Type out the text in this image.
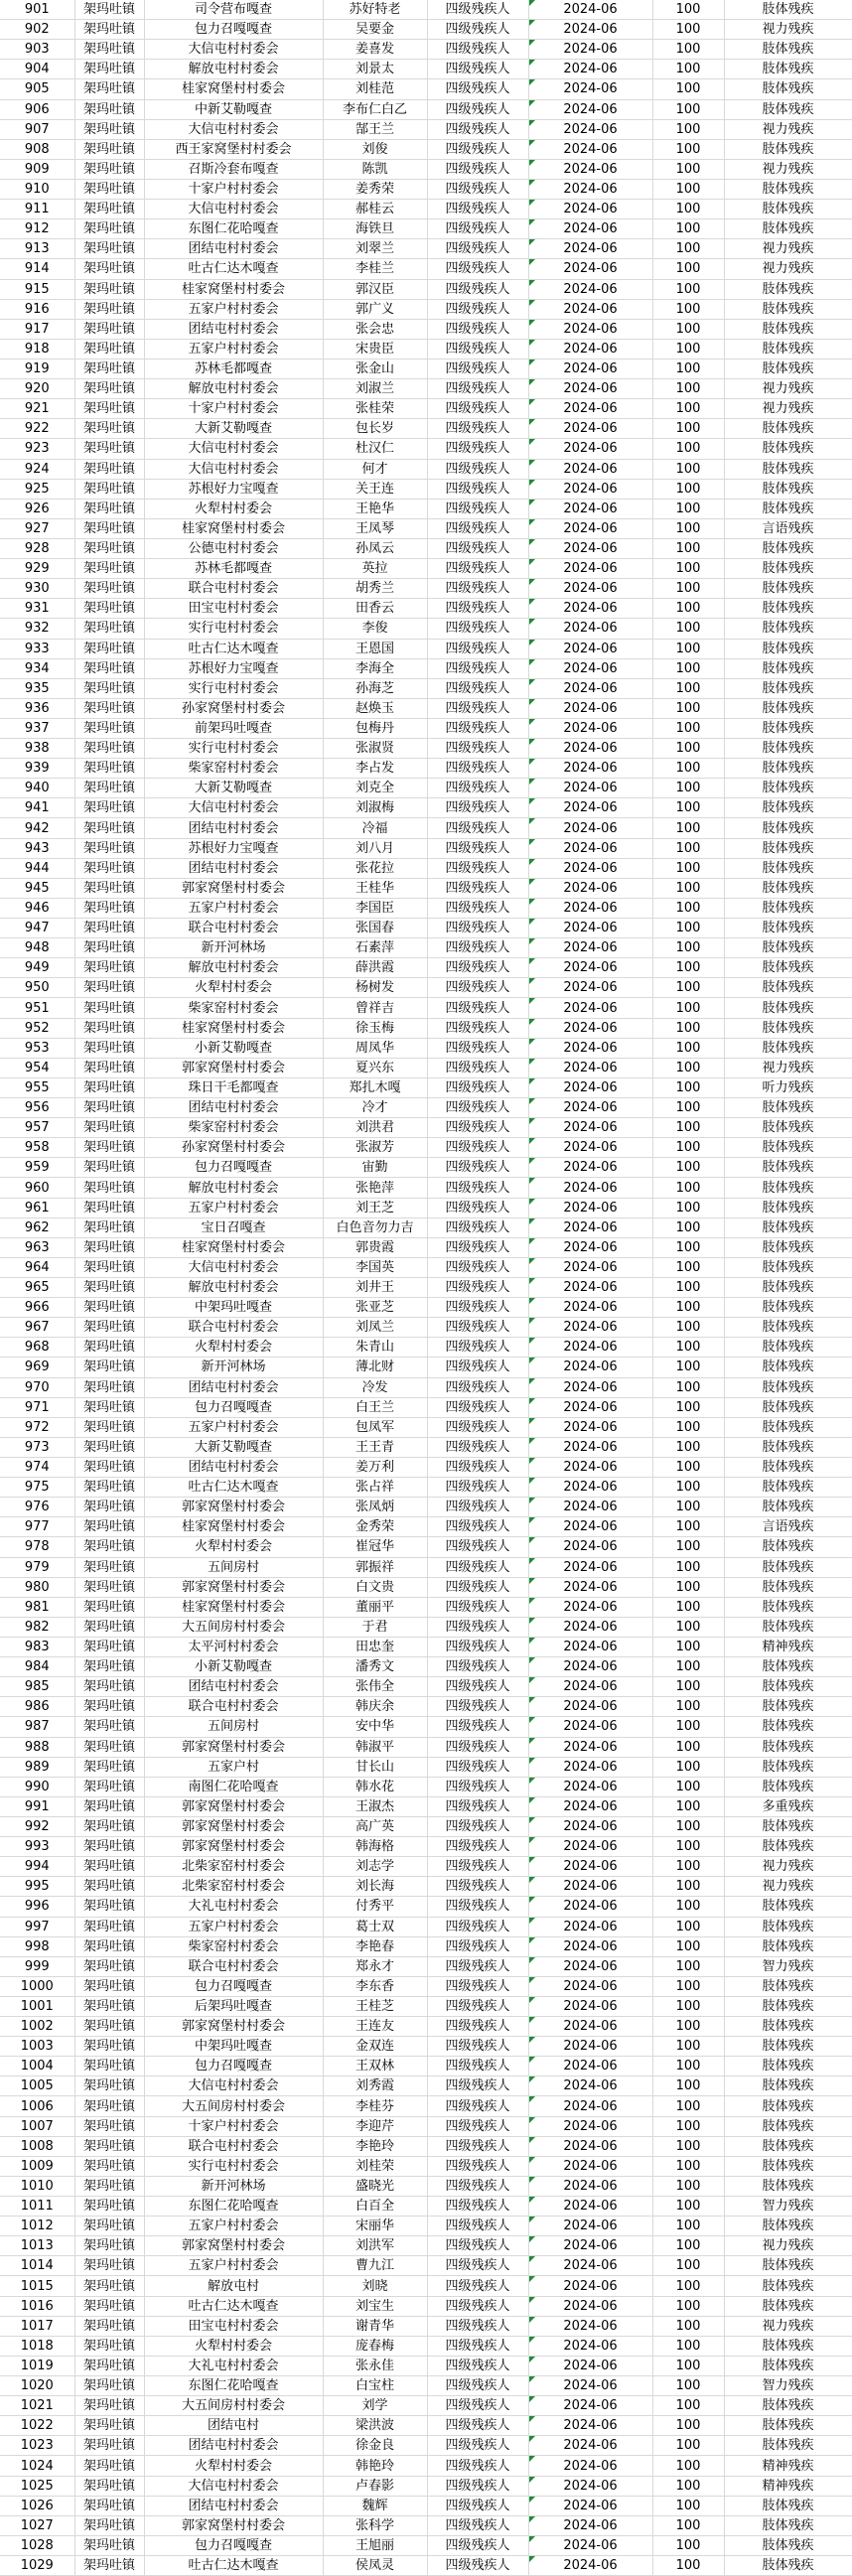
901	架玛吐镇	司令营布嘎查	苏好特老	四级残疾人	2024-06	100	肢体残疾
902	架玛吐镇	包力召嘎嘎查	吴要金	四级残疾人	2024-06	100	视力残疾
903	架玛吐镇	大信屯村村委会	姜喜发	四级残疾人	2024-06	100	肢体残疾
904	架玛吐镇	解放屯村村委会	刘景太	四级残疾人	2024-06	100	肢体残疾
905	架玛吐镇	桂家窝堡村村委会	刘桂范	四级残疾人	2024-06	100	肢体残疾
906	架玛吐镇	中新艾勒嘎查	李布仁白乙	四级残疾人	2024-06	100	肢体残疾
907	架玛吐镇	大信屯村村委会	郜王兰	四级残疾人	2024-06	100	视力残疾
908	架玛吐镇	西王家窝堡村村委会	刘俊	四级残疾人	2024-06	100	肢体残疾
909	架玛吐镇	召斯冷套布嘎查	陈凯	四级残疾人	2024-06	100	视力残疾
910	架玛吐镇	十家户村村委会	姜秀荣	四级残疾人	2024-06	100	肢体残疾
911	架玛吐镇	大信屯村村委会	郝桂云	四级残疾人	2024-06	100	肢体残疾
912	架玛吐镇	东图仁花哈嘎查	海铁旦	四级残疾人	2024-06	100	肢体残疾
913	架玛吐镇	团结屯村村委会	刘翠兰	四级残疾人	2024-06	100	视力残疾
914	架玛吐镇	吐古仁达木嘎查	李桂兰	四级残疾人	2024-06	100	视力残疾
915	架玛吐镇	桂家窝堡村村委会	郭汉臣	四级残疾人	2024-06	100	肢体残疾
916	架玛吐镇	五家户村村委会	郭广义	四级残疾人	2024-06	100	肢体残疾
917	架玛吐镇	团结屯村村委会	张会忠	四级残疾人	2024-06	100	肢体残疾
918	架玛吐镇	五家户村村委会	宋贵臣	四级残疾人	2024-06	100	肢体残疾
919	架玛吐镇	苏林毛都嘎查	张金山	四级残疾人	2024-06	100	肢体残疾
920	架玛吐镇	解放屯村村委会	刘淑兰	四级残疾人	2024-06	100	视力残疾
921	架玛吐镇	十家户村村委会	张桂荣	四级残疾人	2024-06	100	视力残疾
922	架玛吐镇	大新艾勒嘎查	包长岁	四级残疾人	2024-06	100	肢体残疾
923	架玛吐镇	大信屯村村委会	杜汉仁	四级残疾人	2024-06	100	肢体残疾
924	架玛吐镇	大信屯村村委会	何才	四级残疾人	2024-06	100	肢体残疾
925	架玛吐镇	苏根好力宝嘎查	关王连	四级残疾人	2024-06	100	肢体残疾
926	架玛吐镇	火犁村村委会	王艳华	四级残疾人	2024-06	100	肢体残疾
927	架玛吐镇	桂家窝堡村村委会	王凤琴	四级残疾人	2024-06	100	言语残疾
928	架玛吐镇	公德屯村村委会	孙凤云	四级残疾人	2024-06	100	肢体残疾
929	架玛吐镇	苏林毛都嘎查	英拉	四级残疾人	2024-06	100	肢体残疾
930	架玛吐镇	联合屯村村委会	胡秀兰	四级残疾人	2024-06	100	肢体残疾
931	架玛吐镇	田宝屯村村委会	田香云	四级残疾人	2024-06	100	肢体残疾
932	架玛吐镇	实行屯村村委会	李俊	四级残疾人	2024-06	100	肢体残疾
933	架玛吐镇	吐古仁达木嘎查	王恩国	四级残疾人	2024-06	100	肢体残疾
934	架玛吐镇	苏根好力宝嘎查	李海全	四级残疾人	2024-06	100	肢体残疾
935	架玛吐镇	实行屯村村委会	孙海芝	四级残疾人	2024-06	100	肢体残疾
936	架玛吐镇	孙家窝堡村村委会	赵焕玉	四级残疾人	2024-06	100	肢体残疾
937	架玛吐镇	前架玛吐嘎查	包梅丹	四级残疾人	2024-06	100	肢体残疾
938	架玛吐镇	实行屯村村委会	张淑贤	四级残疾人	2024-06	100	肢体残疾
939	架玛吐镇	柴家窑村村委会	李占发	四级残疾人	2024-06	100	肢体残疾
940	架玛吐镇	大新艾勒嘎查	刘克全	四级残疾人	2024-06	100	肢体残疾
941	架玛吐镇	大信屯村村委会	刘淑梅	四级残疾人	2024-06	100	肢体残疾
942	架玛吐镇	团结屯村村委会	冷福	四级残疾人	2024-06	100	肢体残疾
943	架玛吐镇	苏根好力宝嘎查	刘八月	四级残疾人	2024-06	100	肢体残疾
944	架玛吐镇	团结屯村村委会	张花拉	四级残疾人	2024-06	100	肢体残疾
945	架玛吐镇	郭家窝堡村村委会	王桂华	四级残疾人	2024-06	100	肢体残疾
946	架玛吐镇	五家户村村委会	李国臣	四级残疾人	2024-06	100	肢体残疾
947	架玛吐镇	联合屯村村委会	张国春	四级残疾人	2024-06	100	肢体残疾
948	架玛吐镇	新开河林场	石素萍	四级残疾人	2024-06	100	肢体残疾
949	架玛吐镇	解放屯村村委会	薛洪霞	四级残疾人	2024-06	100	肢体残疾
950	架玛吐镇	火犁村村委会	杨树发	四级残疾人	2024-06	100	肢体残疾
951	架玛吐镇	柴家窑村村委会	曾祥吉	四级残疾人	2024-06	100	肢体残疾
952	架玛吐镇	桂家窝堡村村委会	徐玉梅	四级残疾人	2024-06	100	肢体残疾
953	架玛吐镇	小新艾勒嘎查	周凤华	四级残疾人	2024-06	100	肢体残疾
954	架玛吐镇	郭家窝堡村村委会	夏兴东	四级残疾人	2024-06	100	视力残疾
955	架玛吐镇	珠日干毛都嘎查	郑扎木嘎	四级残疾人	2024-06	100	听力残疾
956	架玛吐镇	团结屯村村委会	冷才	四级残疾人	2024-06	100	肢体残疾
957	架玛吐镇	柴家窑村村委会	刘洪君	四级残疾人	2024-06	100	肢体残疾
958	架玛吐镇	孙家窝堡村村委会	张淑芳	四级残疾人	2024-06	100	肢体残疾
959	架玛吐镇	包力召嘎嘎查	宙勤	四级残疾人	2024-06	100	肢体残疾
960	架玛吐镇	解放屯村村委会	张艳萍	四级残疾人	2024-06	100	肢体残疾
961	架玛吐镇	五家户村村委会	刘王芝	四级残疾人	2024-06	100	肢体残疾
962	架玛吐镇	宝日召嘎查	白色音勿力吉	四级残疾人	2024-06	100	肢体残疾
963	架玛吐镇	桂家窝堡村村委会	郭贵霞	四级残疾人	2024-06	100	肢体残疾
964	架玛吐镇	大信屯村村委会	李国英	四级残疾人	2024-06	100	肢体残疾
965	架玛吐镇	解放屯村村委会	刘井王	四级残疾人	2024-06	100	肢体残疾
966	架玛吐镇	中架玛吐嘎查	张亚芝	四级残疾人	2024-06	100	肢体残疾
967	架玛吐镇	联合屯村村委会	刘凤兰	四级残疾人	2024-06	100	肢体残疾
968	架玛吐镇	火犁村村委会	朱青山	四级残疾人	2024-06	100	肢体残疾
969	架玛吐镇	新开河林场	薄北财	四级残疾人	2024-06	100	肢体残疾
970	架玛吐镇	团结屯村村委会	冷发	四级残疾人	2024-06	100	肢体残疾
971	架玛吐镇	包力召嘎嘎查	白王兰	四级残疾人	2024-06	100	肢体残疾
972	架玛吐镇	五家户村村委会	包凤军	四级残疾人	2024-06	100	肢体残疾
973	架玛吐镇	大新艾勒嘎查	王王青	四级残疾人	2024-06	100	肢体残疾
974	架玛吐镇	团结屯村村委会	姜万利	四级残疾人	2024-06	100	肢体残疾
975	架玛吐镇	吐古仁达木嘎查	张占祥	四级残疾人	2024-06	100	肢体残疾
976	架玛吐镇	郭家窝堡村村委会	张凤炳	四级残疾人	2024-06	100	肢体残疾
977	架玛吐镇	桂家窝堡村村委会	金秀荣	四级残疾人	2024-06	100	言语残疾
978	架玛吐镇	火犁村村委会	崔冠华	四级残疾人	2024-06	100	肢体残疾
979	架玛吐镇	五间房村	郭振祥	四级残疾人	2024-06	100	肢体残疾
980	架玛吐镇	郭家窝堡村村委会	白文贵	四级残疾人	2024-06	100	肢体残疾
981	架玛吐镇	桂家窝堡村村委会	董丽平	四级残疾人	2024-06	100	肢体残疾
982	架玛吐镇	大五间房村村委会	于君	四级残疾人	2024-06	100	肢体残疾
983	架玛吐镇	太平河村村委会	田忠奎	四级残疾人	2024-06	100	精神残疾
984	架玛吐镇	小新艾勒嘎查	潘秀文	四级残疾人	2024-06	100	肢体残疾
985	架玛吐镇	团结屯村村委会	张伟全	四级残疾人	2024-06	100	肢体残疾
986	架玛吐镇	联合屯村村委会	韩庆余	四级残疾人	2024-06	100	肢体残疾
987	架玛吐镇	五间房村	安中华	四级残疾人	2024-06	100	肢体残疾
988	架玛吐镇	郭家窝堡村村委会	韩淑平	四级残疾人	2024-06	100	肢体残疾
989	架玛吐镇	五家户村	甘长山	四级残疾人	2024-06	100	肢体残疾
990	架玛吐镇	南图仁花哈嘎查	韩水花	四级残疾人	2024-06	100	肢体残疾
991	架玛吐镇	郭家窝堡村村委会	王淑杰	四级残疾人	2024-06	100	多重残疾
992	架玛吐镇	郭家窝堡村村委会	高广英	四级残疾人	2024-06	100	肢体残疾
993	架玛吐镇	郭家窝堡村村委会	韩海格	四级残疾人	2024-06	100	肢体残疾
994	架玛吐镇	北柴家窑村村委会	刘志学	四级残疾人	2024-06	100	视力残疾
995	架玛吐镇	北柴家窑村村委会	刘长海	四级残疾人	2024-06	100	视力残疾
996	架玛吐镇	大礼屯村村委会	付秀平	四级残疾人	2024-06	100	肢体残疾
997	架玛吐镇	五家户村村委会	葛士双	四级残疾人	2024-06	100	肢体残疾
998	架玛吐镇	柴家窑村村委会	李艳春	四级残疾人	2024-06	100	肢体残疾
999	架玛吐镇	联合屯村村委会	郑永才	四级残疾人	2024-06	100	智力残疾
1000	架玛吐镇	包力召嘎嘎查	李东香	四级残疾人	2024-06	100	肢体残疾
1001	架玛吐镇	后架玛吐嘎查	王桂芝	四级残疾人	2024-06	100	肢体残疾
1002	架玛吐镇	郭家窝堡村村委会	王连友	四级残疾人	2024-06	100	肢体残疾
1003	架玛吐镇	中架玛吐嘎查	金双连	四级残疾人	2024-06	100	肢体残疾
1004	架玛吐镇	包力召嘎嘎查	王双林	四级残疾人	2024-06	100	肢体残疾
1005	架玛吐镇	大信屯村村委会	刘秀霞	四级残疾人	2024-06	100	肢体残疾
1006	架玛吐镇	大五间房村村委会	李桂芬	四级残疾人	2024-06	100	肢体残疾
1007	架玛吐镇	十家户村村委会	李迎芹	四级残疾人	2024-06	100	肢体残疾
1008	架玛吐镇	联合屯村村委会	李艳玲	四级残疾人	2024-06	100	肢体残疾
1009	架玛吐镇	实行屯村村委会	刘桂荣	四级残疾人	2024-06	100	肢体残疾
1010	架玛吐镇	新开河林场	盛晓光	四级残疾人	2024-06	100	肢体残疾
1011	架玛吐镇	东图仁花哈嘎查	白百全	四级残疾人	2024-06	100	智力残疾
1012	架玛吐镇	五家户村村委会	宋丽华	四级残疾人	2024-06	100	肢体残疾
1013	架玛吐镇	郭家窝堡村村委会	刘洪军	四级残疾人	2024-06	100	视力残疾
1014	架玛吐镇	五家户村村委会	曹九江	四级残疾人	2024-06	100	肢体残疾
1015	架玛吐镇	解放屯村	刘晓	四级残疾人	2024-06	100	肢体残疾
1016	架玛吐镇	吐古仁达木嘎查	刘宝生	四级残疾人	2024-06	100	肢体残疾
1017	架玛吐镇	田宝屯村村委会	谢青华	四级残疾人	2024-06	100	视力残疾
1018	架玛吐镇	火犁村村委会	庞春梅	四级残疾人	2024-06	100	肢体残疾
1019	架玛吐镇	大礼屯村村委会	张永佳	四级残疾人	2024-06	100	肢体残疾
1020	架玛吐镇	东图仁花哈嘎查	白宝柱	四级残疾人	2024-06	100	智力残疾
1021	架玛吐镇	大五间房村村委会	刘学	四级残疾人	2024-06	100	肢体残疾
1022	架玛吐镇	团结屯村	梁洪波	四级残疾人	2024-06	100	肢体残疾
1023	架玛吐镇	团结屯村村委会	徐金良	四级残疾人	2024-06	100	肢体残疾
1024	架玛吐镇	火犁村村委会	韩艳玲	四级残疾人	2024-06	100	精神残疾
1025	架玛吐镇	大信屯村村委会	卢春影	四级残疾人	2024-06	100	精神残疾
1026	架玛吐镇	团结屯村村委会	魏辉	四级残疾人	2024-06	100	肢体残疾
1027	架玛吐镇	郭家窝堡村村委会	张科学	四级残疾人	2024-06	100	肢体残疾
1028	架玛吐镇	包力召嘎嘎查	王旭丽	四级残疾人	2024-06	100	肢体残疾
1029	架玛吐镇	吐古仁达木嘎查	侯凤灵	四级残疾人	2024-06	100	肢体残疾
